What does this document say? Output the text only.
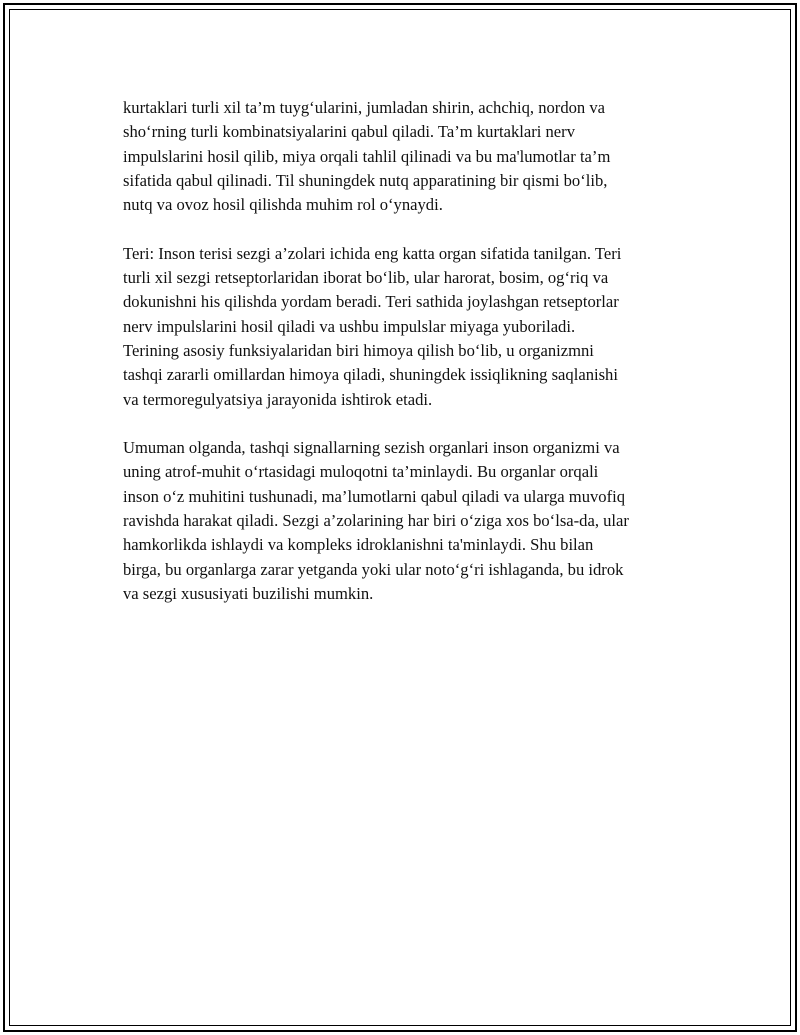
kurtaklari turli xil ta’m tuyg‘ularini, jumladan shirin, achchiq, nordon va
sho‘rning turli kombinatsiyalarini qabul qiladi. Ta’m kurtaklari nerv
impulslarini hosil qilib, miya orqali tahlil qilinadi va bu ma'lumotlar ta’m
sifatida qabul qilinadi. Til shuningdek nutq apparatining bir qismi bo‘lib,
nutq va ovoz hosil qilishda muhim rol o‘ynaydi.
Teri: Inson terisi sezgi a’zolari ichida eng katta organ sifatida tanilgan. Teri
turli xil sezgi retseptorlaridan iborat bo‘lib, ular harorat, bosim, og‘riq va
dokunishni his qilishda yordam beradi. Teri sathida joylashgan retseptorlar
nerv impulslarini hosil qiladi va ushbu impulslar miyaga yuboriladi.
Terining asosiy funksiyalaridan biri himoya qilish bo‘lib, u organizmni
tashqi zararli omillardan himoya qiladi, shuningdek issiqlikning saqlanishi
va termoregulyatsiya jarayonida ishtirok etadi.
Umuman olganda, tashqi signallarning sezish organlari inson organizmi va
uning atrof-muhit o‘rtasidagi muloqotni ta’minlaydi. Bu organlar orqali
inson o‘z muhitini tushunadi, ma’lumotlarni qabul qiladi va ularga muvofiq
ravishda harakat qiladi. Sezgi a’zolarining har biri o‘ziga xos bo‘lsa-da, ular
hamkorlikda ishlaydi va kompleks idroklanishni ta'minlaydi. Shu bilan
birga, bu organlarga zarar yetganda yoki ular noto‘g‘ri ishlaganda, bu idrok
va sezgi xususiyati buzilishi mumkin.
